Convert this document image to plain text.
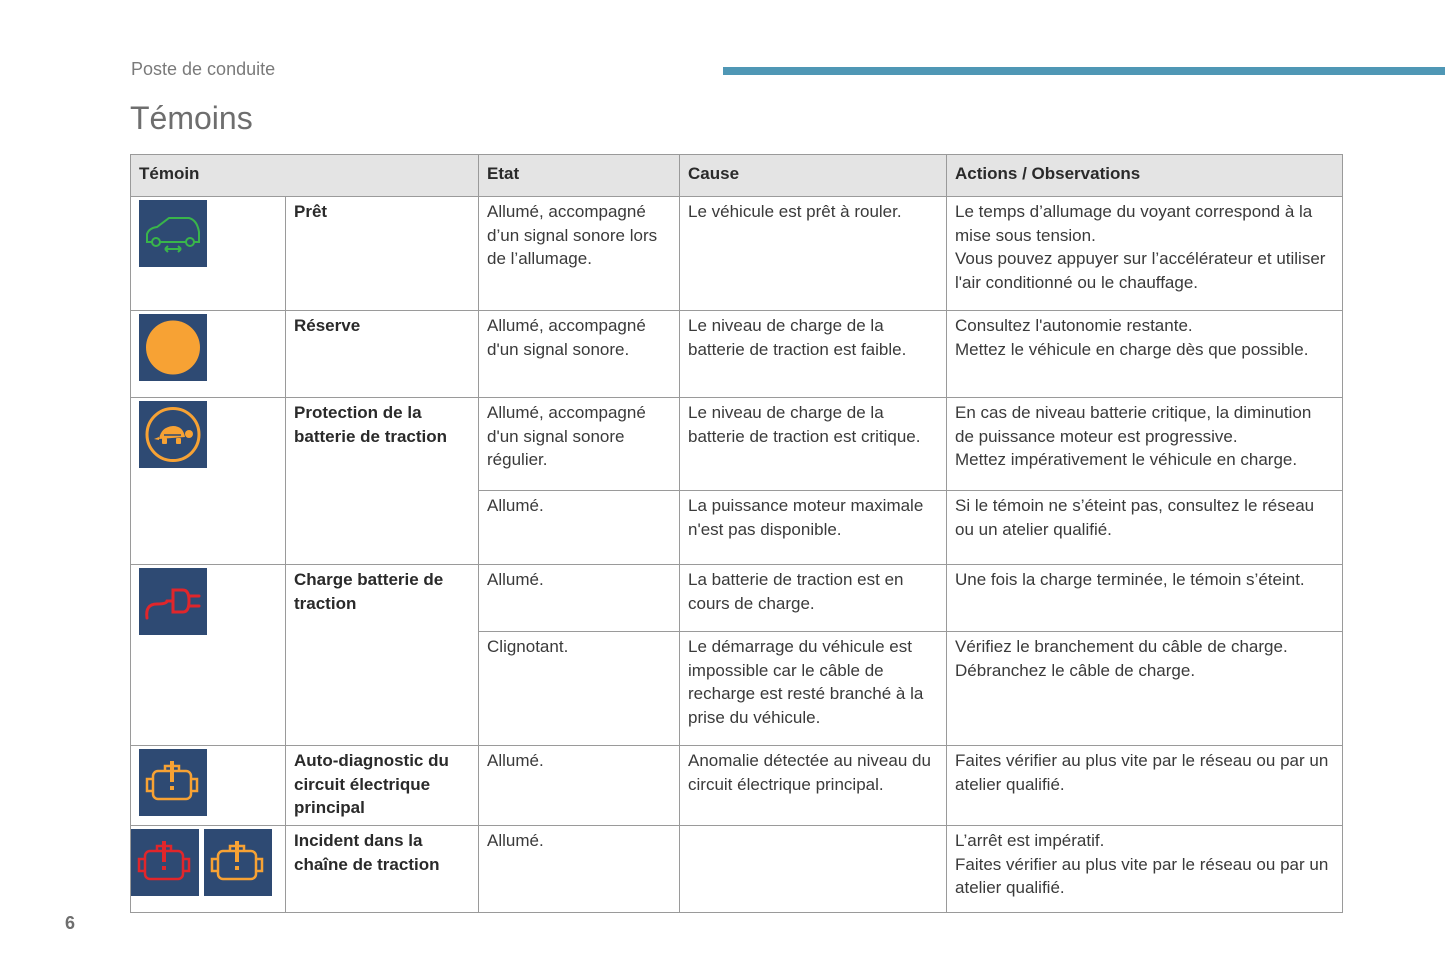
Poste de conduite
Témoins
Témoin		Etat	Cause	Actions / Observations

	Prêt	Allumé, accompagné d’un signal sonore lors de l’allumage.	Le véhicule est prêt à rouler.	Le temps d’allumage du voyant correspond à la mise sous tension.
Vous pouvez appuyer sur l’accélérateur et utiliser l'air conditionné ou le chauffage.

	Réserve	Allumé, accompagné d'un signal sonore.	Le niveau de charge de la batterie de traction est faible.	Consultez l'autonomie restante.
Mettez le véhicule en charge dès que possible.

	Protection de la batterie de traction	Allumé, accompagné d'un signal sonore régulier.	Le niveau de charge de la batterie de traction est critique.	En cas de niveau batterie critique, la diminution de puissance moteur est progressive.
Mettez impérativement le véhicule en charge.

		Allumé.	La puissance moteur maximale n'est pas disponible.	Si le témoin ne s’éteint pas, consultez le réseau ou un atelier qualifié.

	Charge batterie de traction	Allumé.	La batterie de traction est en cours de charge.	Une fois la charge terminée, le témoin s’éteint.

		Clignotant.	Le démarrage du véhicule est impossible car le câble de recharge est resté branché à la prise du véhicule.	Vérifiez le branchement du câble de charge.
Débranchez le câble de charge.

	Auto-diagnostic du circuit électrique principal	Allumé.	Anomalie détectée au niveau du circuit électrique principal.	Faites vérifier au plus vite par le réseau ou par un atelier qualifié.

	Incident dans la chaîne de traction	Allumé.		L’arrêt est impératif.
Faites vérifier au plus vite par le réseau ou par un atelier qualifié.
6
